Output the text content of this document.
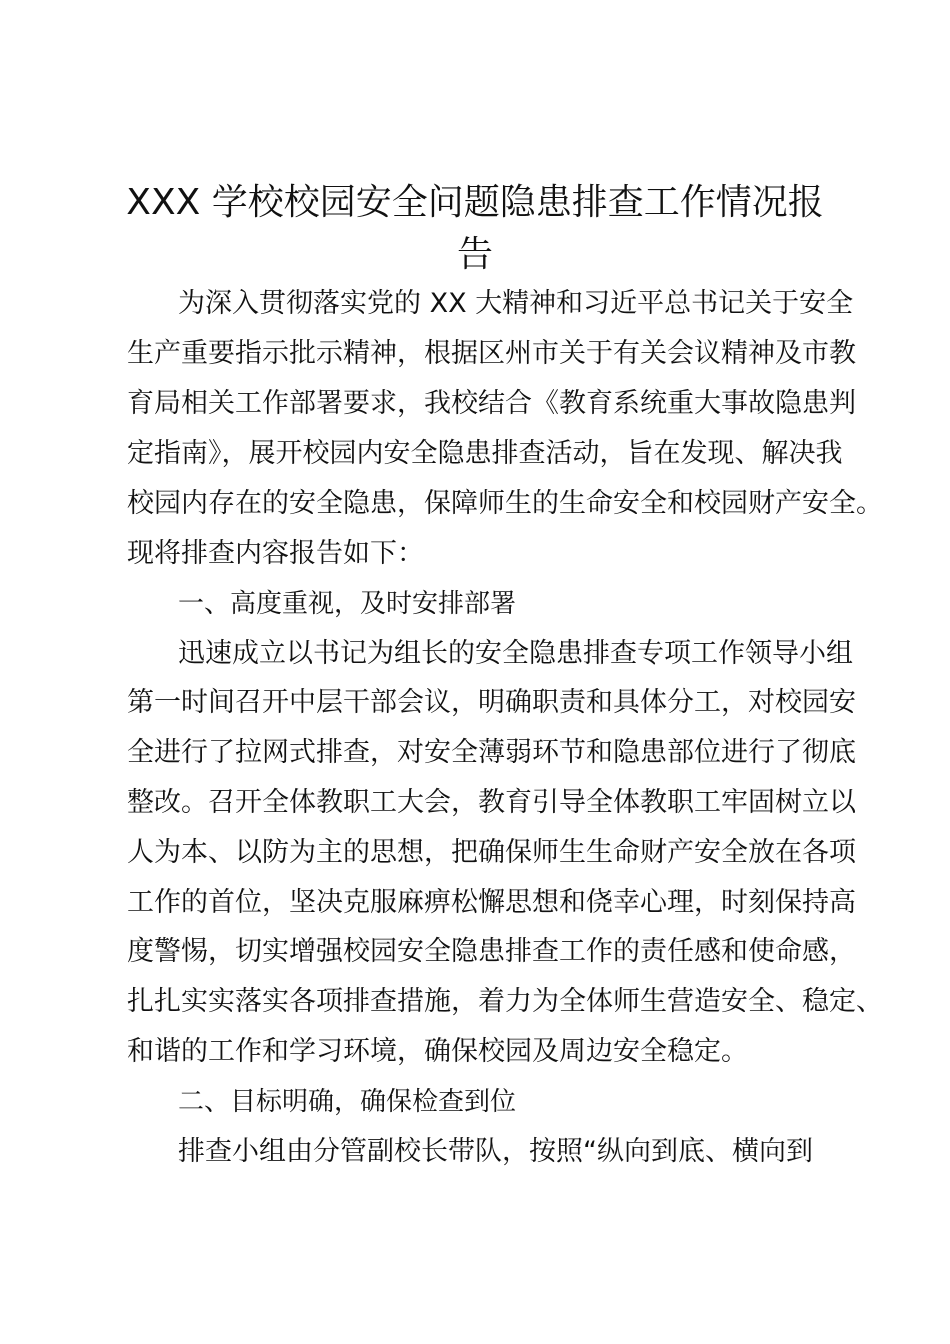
XXX 学校校园安全问题隐患排查工作情况报
告

为深入贯彻落实党的 XX 大精神和习近平总书记关于安全

生产重要指示批示精神，根据区州市关于有关会议精神及市教

育局相关工作部署要求，我校结合《教育系统重大事故隐患判

定指南》，展开校园内安全隐患排查活动，旨在发现、解决我

校园内存在的安全隐患，保障师生的生命安全和校园财产安全。

现将排查内容报告如下：

一、高度重视，及时安排部署

迅速成立以书记为组长的安全隐患排查专项工作领导小组

第一时间召开中层干部会议，明确职责和具体分工，对校园安

全进行了拉网式排查，对安全薄弱环节和隐患部位进行了彻底

整改。召开全体教职工大会，教育引导全体教职工牢固树立以

人为本、以防为主的思想，把确保师生生命财产安全放在各项

工作的首位，坚决克服麻痹松懈思想和侥幸心理，时刻保持高

度警惕，切实增强校园安全隐患排查工作的责任感和使命感，

扎扎实实落实各项排查措施，着力为全体师生营造安全、稳定、

和谐的工作和学习环境，确保校园及周边安全稳定。

二、目标明确，确保检查到位

排查小组由分管副校长带队，按照“纵向到底、横向到
